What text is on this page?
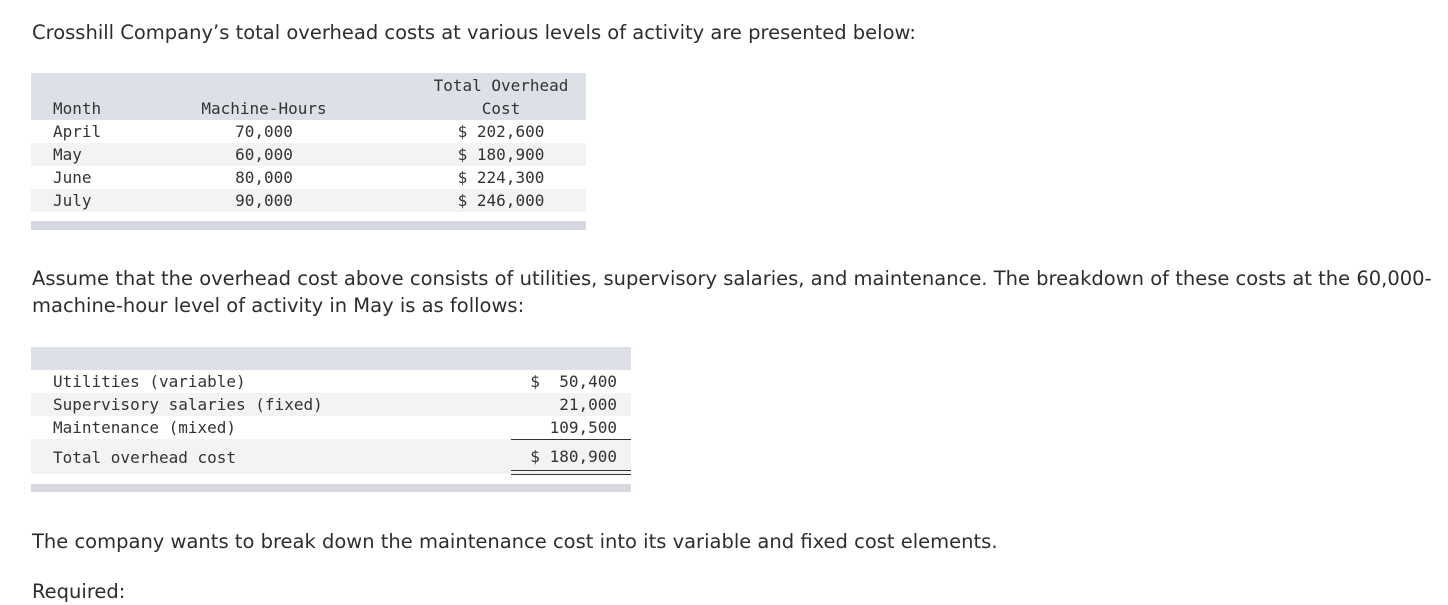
Crosshill Company’s total overhead costs at various levels of activity are presented below:

Month	Machine-Hours
Total Overhead
Cost
April	70,000	$ 202,600
May	60,000	$ 180,900
June	80,000	$ 224,300
July	90,000	$ 246,000

Assume that the overhead cost above consists of utilities, supervisory salaries, and maintenance. The breakdown of these costs at the 60,000-machine-hour level of activity in May is as follows:

Utilities (variable)	$  50,400
Supervisory salaries (fixed)	21,000
Maintenance (mixed)	109,500
Total overhead cost	$ 180,900

The company wants to break down the maintenance cost into its variable and fixed cost elements.

Required:
